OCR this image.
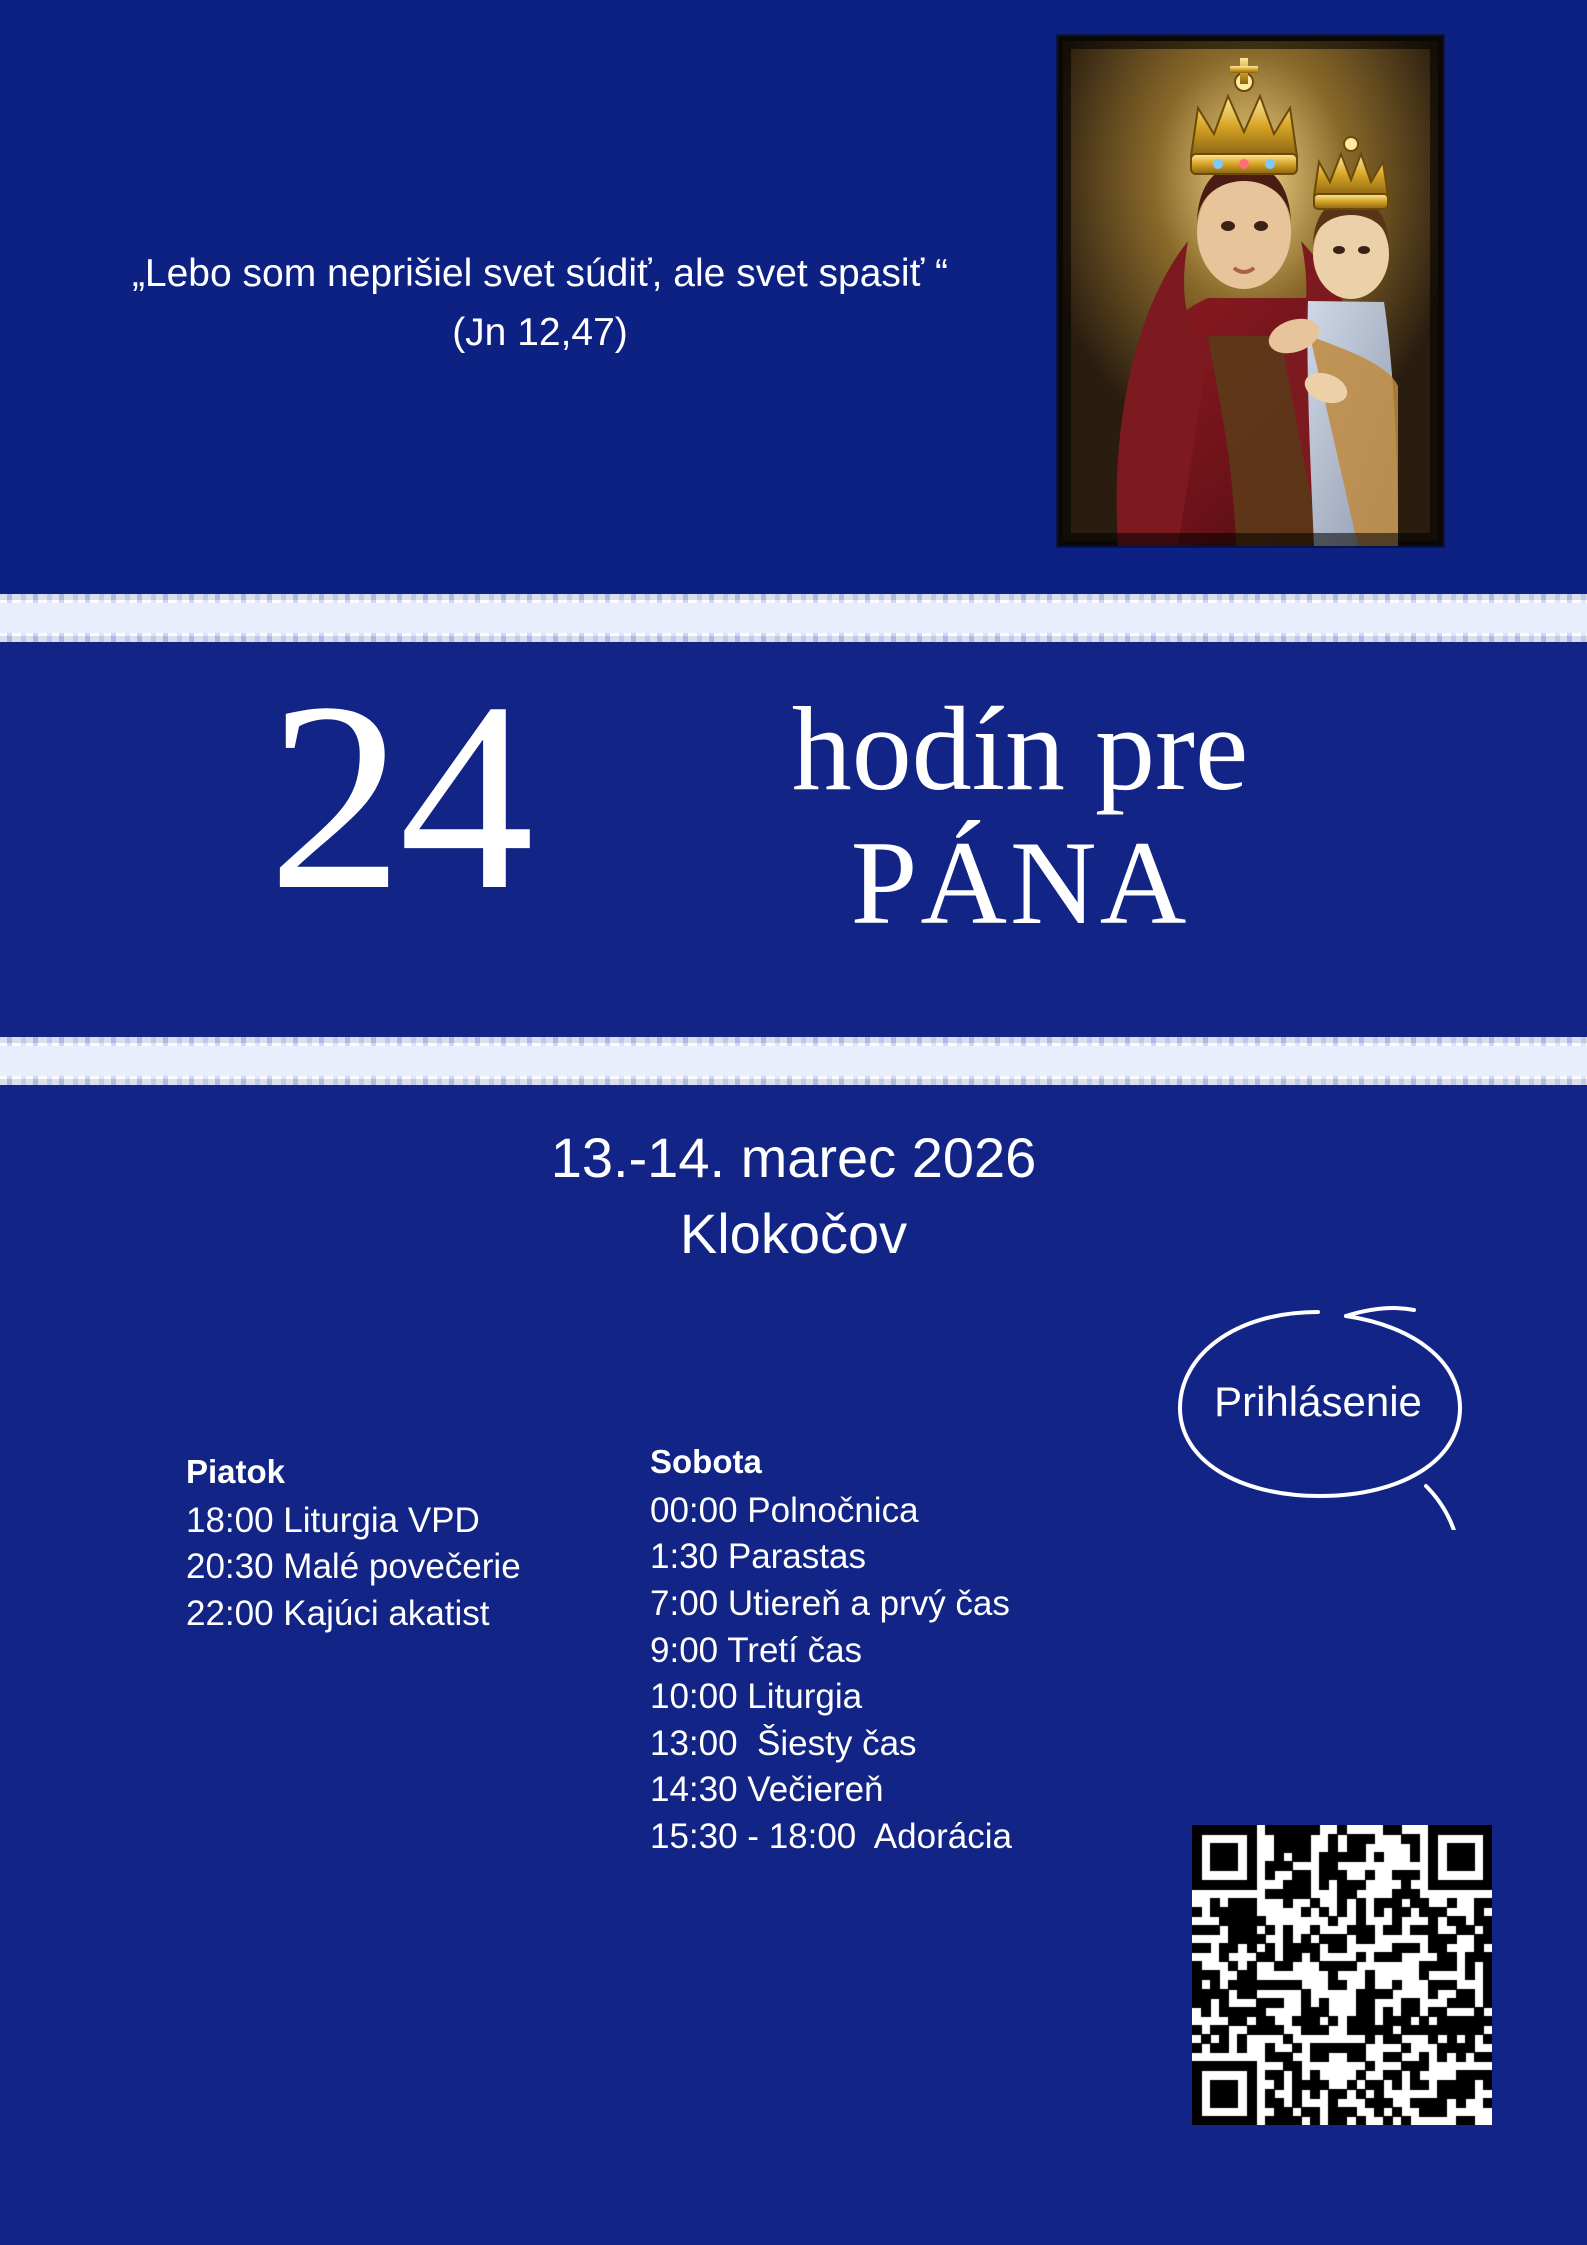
„Lebo som neprišiel svet súdiť, ale svet spasiť “
(Jn 12,47)
24	hodín pre
PÁNA
13.-14. marec 2026
Klokočov
Piatok
18:00 Liturgia VPD
20:30 Malé povečerie
22:00 Kajúci akatist
Sobota
00:00 Polnočnica
1:30 Parastas
7:00 Utiereň a prvý čas
9:00 Tretí čas
10:00 Liturgia
13:00  Šiesty čas
14:30 Večiereň
15:30 - 18:00  Adorácia
Prihlásenie
